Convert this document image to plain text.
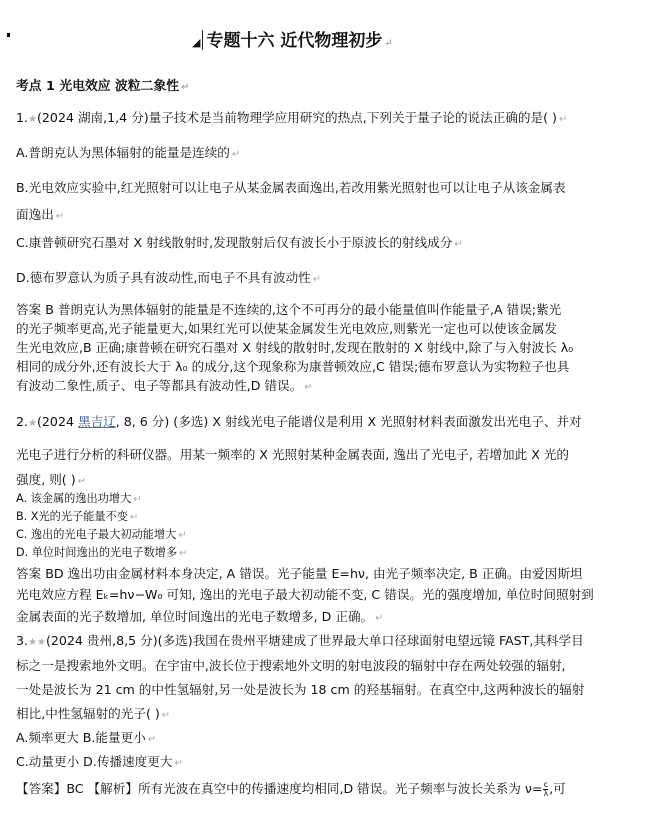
◢ 专题十六 近代物理初步 ↵
考点 1 光电效应 波粒二象性 ↵
1.★(2024 湖南,1,4 分)量子技术是当前物理学应用研究的热点,下列关于量子论的说法正确的是( ) ↵
A.普朗克认为黑体辐射的能量是连续的 ↵
B.光电效应实验中,红光照射可以让电子从某金属表面逸出,若改用紫光照射也可以让电子从该金属表
面逸出 ↵
C.康普顿研究石墨对 X 射线散射时,发现散射后仅有波长小于原波长的射线成分 ↵
D.德布罗意认为质子具有波动性,而电子不具有波动性 ↵
答案 B 普朗克认为黑体辐射的能量是不连续的,这个不可再分的最小能量值叫作能量子,A 错误;紫光
的光子频率更高,光子能量更大,如果红光可以使某金属发生光电效应,则紫光一定也可以使该金属发
生光电效应,B 正确;康普顿在研究石墨对 X 射线的散射时,发现在散射的 X 射线中,除了与入射波长 λ₀
相同的成分外,还有波长大于 λ₀ 的成分,这个现象称为康普顿效应,C 错误;德布罗意认为实物粒子也具
有波动二象性,质子、电子等都具有波动性,D 错误。 ↵
2.★(2024 黑吉辽, 8, 6 分) (多选) X 射线光电子能谱仪是利用 X 光照射材料表面激发出光电子、并对
光电子进行分析的科研仪器。用某一频率的 X 光照射某种金属表面, 逸出了光电子, 若增加此 X 光的
强度, 则( ) ↵
A. 该金属的逸出功增大 ↵
B. X光的光子能量不变 ↵
C. 逸出的光电子最大初动能增大 ↵
D. 单位时间逸出的光电子数增多 ↵
答案 BD 逸出功由金属材料本身决定, A 错误。光子能量 E=hν, 由光子频率决定, B 正确。由爱因斯坦
光电效应方程 Eₖ=hν−W₀ 可知, 逸出的光电子最大初动能不变, C 错误。光的强度增加, 单位时间照射到
金属表面的光子数增加, 单位时间逸出的光电子数增多, D 正确。 ↵
3.★★(2024 贵州,8,5 分)(多选)我国在贵州平塘建成了世界最大单口径球面射电望远镜 FAST,其科学目
标之一是搜索地外文明。在宇宙中,波长位于搜索地外文明的射电波段的辐射中存在两处较强的辐射,
一处是波长为 21 cm 的中性氢辐射,另一处是波长为 18 cm 的羟基辐射。在真空中,这两种波长的辐射
相比,中性氢辐射的光子( ) ↵
A.频率更大 B.能量更小 ↵
C.动量更小 D.传播速度更大 ↵
【答案】BC 【解析】所有光波在真空中的传播速度均相同,D 错误。光子频率与波长关系为 $\nu= \frac{c}{\lambda}$ ,可
